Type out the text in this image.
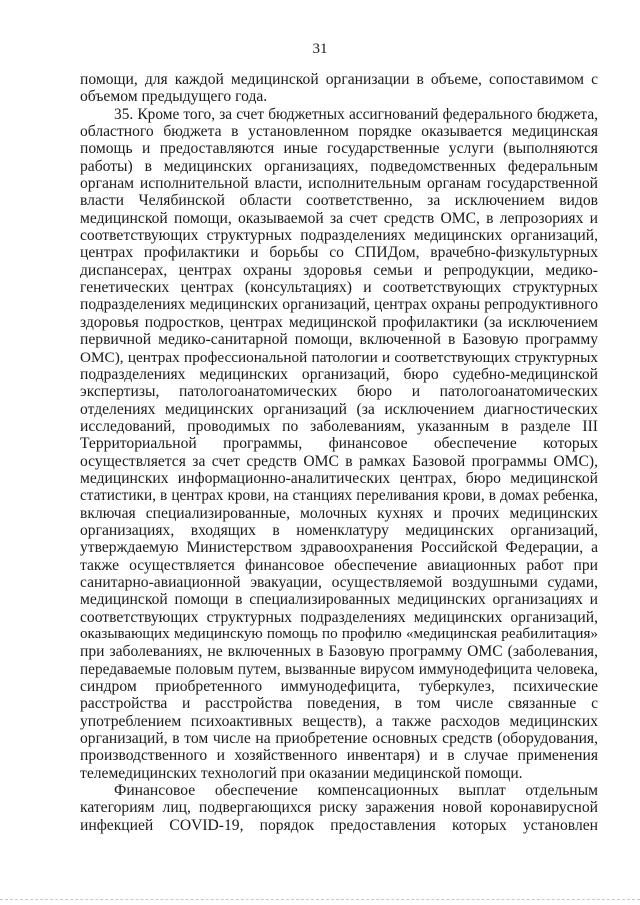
31
помощи, для каждой медицинской организации в объеме, сопоставимом с
объемом предыдущего года.
35. Кроме того, за счет бюджетных ассигнований федерального бюджета,
областного бюджета в установленном порядке оказывается медицинская
помощь и предоставляются иные государственные услуги (выполняются
работы) в медицинских организациях, подведомственных федеральным
органам исполнительной власти, исполнительным органам государственной
власти Челябинской области соответственно, за исключением видов
медицинской помощи, оказываемой за счет средств ОМС, в лепрозориях и
соответствующих структурных подразделениях медицинских организаций,
центрах профилактики и борьбы со СПИДом, врачебно-физкультурных
диспансерах, центрах охраны здоровья семьи и репродукции, медико-
генетических центрах (консультациях) и соответствующих структурных
подразделениях медицинских организаций, центрах охраны репродуктивного
здоровья подростков, центрах медицинской профилактики (за исключением
первичной медико-санитарной помощи, включенной в Базовую программу
ОМС), центрах профессиональной патологии и соответствующих структурных
подразделениях медицинских организаций, бюро судебно-медицинской
экспертизы, патологоанатомических бюро и патологоанатомических
отделениях медицинских организаций (за исключением диагностических
исследований, проводимых по заболеваниям, указанным в разделе III
Территориальной программы, финансовое обеспечение которых
осуществляется за счет средств ОМС в рамках Базовой программы ОМС),
медицинских информационно-аналитических центрах, бюро медицинской
статистики, в центрах крови, на станциях переливания крови, в домах ребенка,
включая специализированные, молочных кухнях и прочих медицинских
организациях, входящих в номенклатуру медицинских организаций,
утверждаемую Министерством здравоохранения Российской Федерации, а
также осуществляется финансовое обеспечение авиационных работ при
санитарно-авиационной эвакуации, осуществляемой воздушными судами,
медицинской помощи в специализированных медицинских организациях и
соответствующих структурных подразделениях медицинских организаций,
оказывающих медицинскую помощь по профилю «медицинская реабилитация»
при заболеваниях, не включенных в Базовую программу ОМС (заболевания,
передаваемые половым путем, вызванные вирусом иммунодефицита человека,
синдром приобретенного иммунодефицита, туберкулез, психические
расстройства и расстройства поведения, в том числе связанные с
употреблением психоактивных веществ), а также расходов медицинских
организаций, в том числе на приобретение основных средств (оборудования,
производственного и хозяйственного инвентаря) и в случае применения
телемедицинских технологий при оказании медицинской помощи.
Финансовое обеспечение компенсационных выплат отдельным
категориям лиц, подвергающихся риску заражения новой коронавирусной
инфекцией COVID-19, порядок предоставления которых установлен
